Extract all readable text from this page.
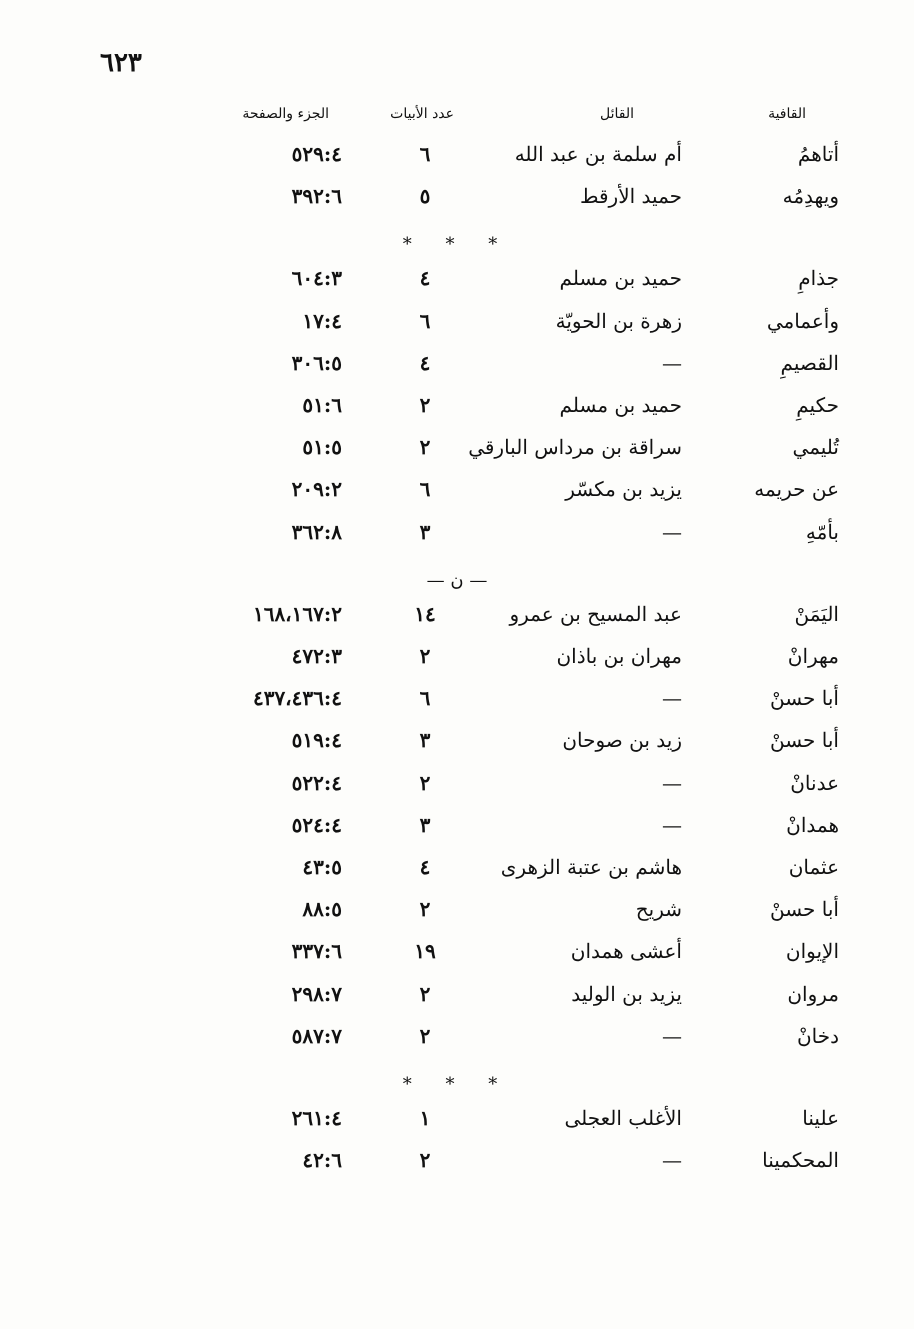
٦٢٣
القافية
القائل
عدد الأبيات
الجزء والصفحة
أتاهمُ
أم سلمة بن عبد الله
٦
٥٢٩:٤
ويهدِمُه
حميد الأرقط
٥
٣٩٢:٦
* * *
جذامِ
حميد بن مسلم
٤
٦٠٤:٣
وأعمامي
زهرة بن الحويّة
٦
١٧:٤
القصيمِ
—
٤
٣٠٦:٥
حكيمِ
حميد بن مسلم
٢
٥١:٦
تُليمي
سراقة بن مرداس البارقي
٢
٥١:٥
عن حريمه
يزيد بن مكسّر
٦
٢٠٩:٢
بأمّهِ
—
٣
٣٦٢:٨
— ن —
اليَمَنْ
عبد المسيح بن عمرو
١٤
١٦٨،١٦٧:٢
مهرانْ
مهران بن باذان
٢
٤٧٢:٣
أبا حسنْ
—
٦
٤٣٧،٤٣٦:٤
أبا حسنْ
زيد بن صوحان
٣
٥١٩:٤
عدنانْ
—
٢
٥٢٢:٤
همدانْ
—
٣
٥٢٤:٤
عثمان
هاشم بن عتبة الزهرى
٤
٤٣:٥
أبا حسنْ
شريح
٢
٨٨:٥
الإيوان
أعشى همدان
١٩
٣٣٧:٦
مروان
يزيد بن الوليد
٢
٢٩٨:٧
دخانْ
—
٢
٥٨٧:٧
* * *
علينا
الأغلب العجلى
١
٢٦١:٤
المحكمينا
—
٢
٤٢:٦
